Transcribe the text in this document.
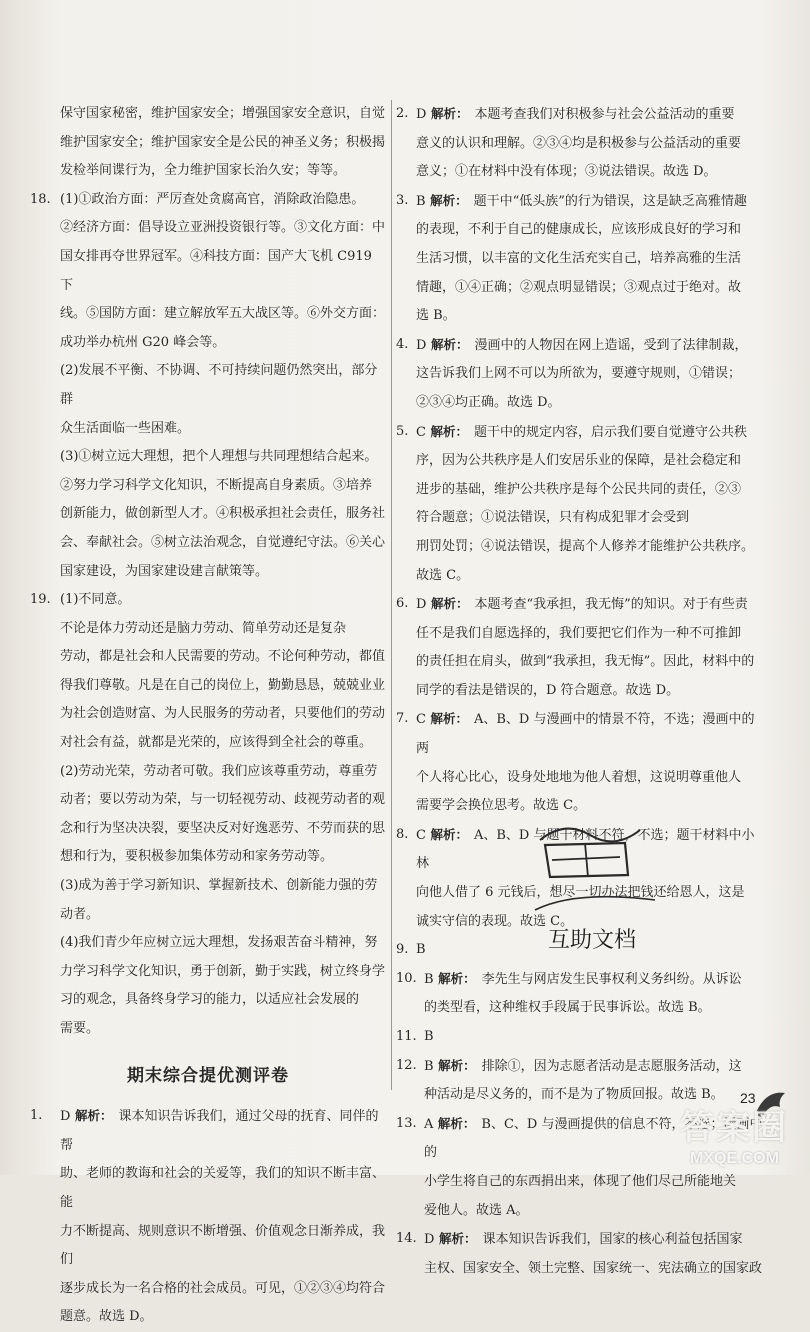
保守国家秘密，维护国家安全；增强国家安全意识，自觉
维护国家安全；维护国家安全是公民的神圣义务；积极揭
发检举间谍行为，全力维护国家长治久安；等等。
18. (1)①政治方面：严厉查处贪腐高官，消除政治隐患。
②经济方面：倡导设立亚洲投资银行等。③文化方面：中
国女排再夺世界冠军。④科技方面：国产大飞机 C919 下
线。⑤国防方面：建立解放军五大战区等。⑥外交方面：
成功举办杭州 G20 峰会等。
(2)发展不平衡、不协调、不可持续问题仍然突出，部分群
众生活面临一些困难。
(3)①树立远大理想，把个人理想与共同理想结合起来。
②努力学习科学文化知识，不断提高自身素质。③培养
创新能力，做创新型人才。④积极承担社会责任，服务社
会、奉献社会。⑤树立法治观念，自觉遵纪守法。⑥关心
国家建设，为国家建设建言献策等。
19. (1)不同意。
不论是体力劳动还是脑力劳动、简单劳动还是复杂
劳动，都是社会和人民需要的劳动。不论何种劳动，都值
得我们尊敬。凡是在自己的岗位上，勤勤恳恳，兢兢业业
为社会创造财富、为人民服务的劳动者，只要他们的劳动
对社会有益，就都是光荣的，应该得到全社会的尊重。
(2)劳动光荣，劳动者可敬。我们应该尊重劳动，尊重劳
动者；要以劳动为荣，与一切轻视劳动、歧视劳动者的观
念和行为坚决决裂，要坚决反对好逸恶劳、不劳而获的思
想和行为，要积极参加集体劳动和家务劳动等。
(3)成为善于学习新知识、掌握新技术、创新能力强的劳
动者。
(4)我们青少年应树立远大理想，发扬艰苦奋斗精神，努
力学习科学文化知识，勇于创新，勤于实践，树立终身学
习的观念，具备终身学习的能力，以适应社会发展的
需要。
期末综合提优测评卷
1.	D 解析： 课本知识告诉我们，通过父母的抚育、同伴的帮
助、老师的教诲和社会的关爱等，我们的知识不断丰富、能
力不断提高、规则意识不断增强、价值观念日渐养成，我们
逐步成长为一名合格的社会成员。可见，①②③④均符合
题意。故选 D。
2. D 解析： 本题考查我们对积极参与社会公益活动的重要
意义的认识和理解。②③④均是积极参与公益活动的重要
意义；①在材料中没有体现；③说法错误。故选 D。
3. B 解析： 题干中“低头族”的行为错误，这是缺乏高雅情趣
的表现，不利于自己的健康成长，应该形成良好的学习和
生活习惯，以丰富的文化生活充实自己，培养高雅的生活
情趣，①④正确；②观点明显错误；③观点过于绝对。故
选 B。
4. D 解析： 漫画中的人物因在网上造谣，受到了法律制裁，
这告诉我们上网不可以为所欲为，要遵守规则，①错误；
②③④均正确。故选 D。
5. C 解析： 题干中的规定内容，启示我们要自觉遵守公共秩
序，因为公共秩序是人们安居乐业的保障，是社会稳定和
进步的基础，维护公共秩序是每个公民共同的责任，②③
符合题意；①说法错误，只有构成犯罪才会受到
刑罚处罚；④说法错误，提高个人修养才能维护公共秩序。
故选 C。
6. D 解析： 本题考查“我承担，我无悔”的知识。对于有些责
任不是我们自愿选择的，我们要把它们作为一种不可推卸
的责任担在肩头，做到“我承担，我无悔”。因此，材料中的
同学的看法是错误的，D 符合题意。故选 D。
7. C 解析： A、B、D 与漫画中的情景不符，不选；漫画中的两
个人将心比心，设身处地地为他人着想，这说明尊重他人
需要学会换位思考。故选 C。
8. C 解析： A、B、D 与题干材料不符，不选；题干材料中小林
向他人借了 6 元钱后，想尽一切办法把钱还给恩人，这是
诚实守信的表现。故选 C。
9. B
10. B 解析： 李先生与网店发生民事权利义务纠纷。从诉讼
的类型看，这种维权手段属于民事诉讼。故选 B。
11. B
12. B 解析： 排除①，因为志愿者活动是志愿服务活动，这
种活动是尽义务的，而不是为了物质回报。故选 B。
13. A 解析： B、C、D 与漫画提供的信息不符，不选；漫画中的
小学生将自己的东西捐出来，体现了他们尽己所能地关
爱他人。故选 A。
14. D 解析： 课本知识告诉我们，国家的核心利益包括国家
主权、国家安全、领土完整、国家统一、宪法确立的国家政
互助文档
23
答案圈
MXQE.COM
